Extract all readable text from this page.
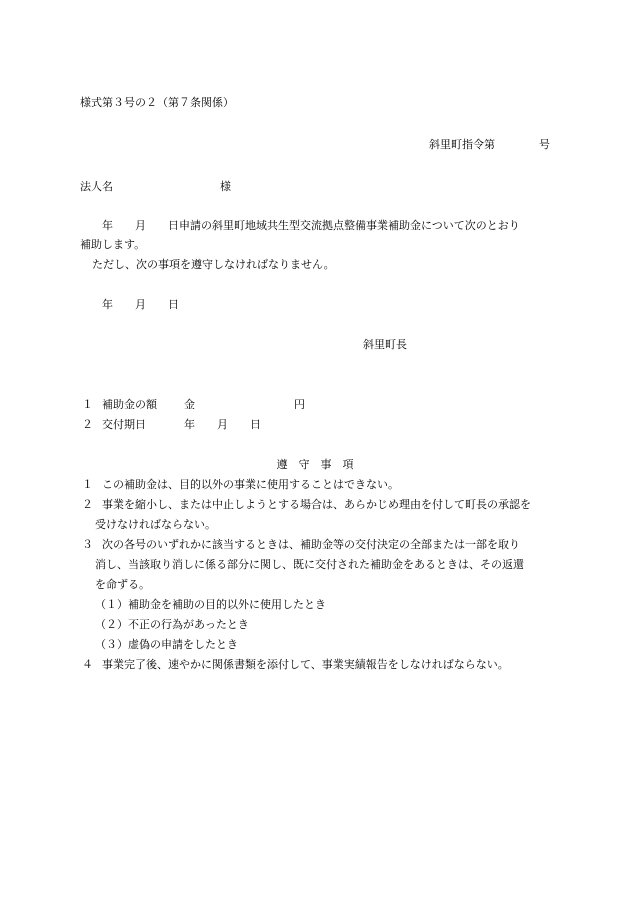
様式第３号の２（第７条関係）
斜里町指令第　　　　号
法人名	様
年　　月　　日申請の斜里町地域共生型交流拠点整備事業補助金について次のとおり
補助します。
ただし、次の事項を遵守しなければなりません。
年　　月　　日
斜里町長
１ 補助金の額 金　　　　　　　　　円
２ 交付期日	年　　月　　日
遵　守　事　項
１ この補助金は、目的以外の事業に使用することはできない。
２ 事業を縮小し、または中止しようとする場合は、あらかじめ理由を付して町長の承認を
受けなければならない。
３ 次の各号のいずれかに該当するときは、補助金等の交付決定の全部または一部を取り
消し、当該取り消しに係る部分に関し、既に交付された補助金をあるときは、その返還
を命ずる。
（１）補助金を補助の目的以外に使用したとき
（２）不正の行為があったとき
（３）虚偽の申請をしたとき
４ 事業完了後、速やかに関係書類を添付して、事業実績報告をしなければならない。
